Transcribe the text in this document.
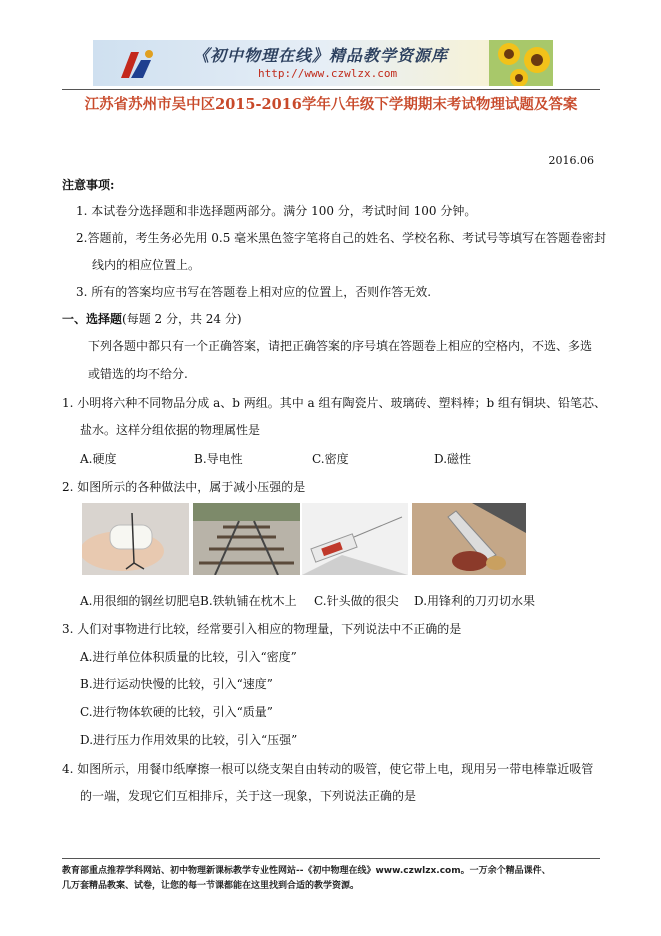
《初中物理在线》精品教学资源库
http://www.czwlzx.com
江苏省苏州市吴中区2015-2016学年八年级下学期期末考试物理试题及答案
2016.06
注意事项:
1. 本试卷分选择题和非选择题两部分。满分 100 分，考试时间 100 分钟。
2.答题前，考生务必先用 0.5 毫米黑色签字笔将自己的姓名、学校名称、考试号等填写在答题卷密封
线内的相应位置上。
3. 所有的答案均应书写在答题卷上相对应的位置上，否则作答无效.
一、选择题(每题 2 分，共 24 分)
下列各题中都只有一个正确答案，请把正确答案的序号填在答题卷上相应的空格内，不选、多选
或错选的均不给分.
1. 小明将六种不同物品分成 a、b 两组。其中 a 组有陶瓷片、玻璃砖、塑料棒；b 组有铜块、铅笔芯、
盐水。这样分组依据的物理属性是
A.硬度	B.导电性	C.密度	D.磁性
2. 如图所示的各种做法中，属于减小压强的是
A.用很细的钢丝切肥皂 B.铁轨铺在枕木上 C.针头做的很尖 D.用锋利的刀刃切水果
3. 人们对事物进行比较，经常要引入相应的物理量，下列说法中不正确的是
A.进行单位体积质量的比较，引入“密度”
B.进行运动快慢的比较，引入“速度”
C.进行物体软硬的比较，引入“质量”
D.进行压力作用效果的比较，引入“压强”
4. 如图所示，用餐巾纸摩擦一根可以绕支架自由转动的吸管，使它带上电，现用另一带电棒靠近吸管
的一端，发现它们互相排斥，关于这一现象，下列说法正确的是
教育部重点推荐学科网站、初中物理新课标教学专业性网站--《初中物理在线》www.czwlzx.com。一万余个精品课件、
几万套精品教案、试卷，让您的每一节课都能在这里找到合适的教学资源。
